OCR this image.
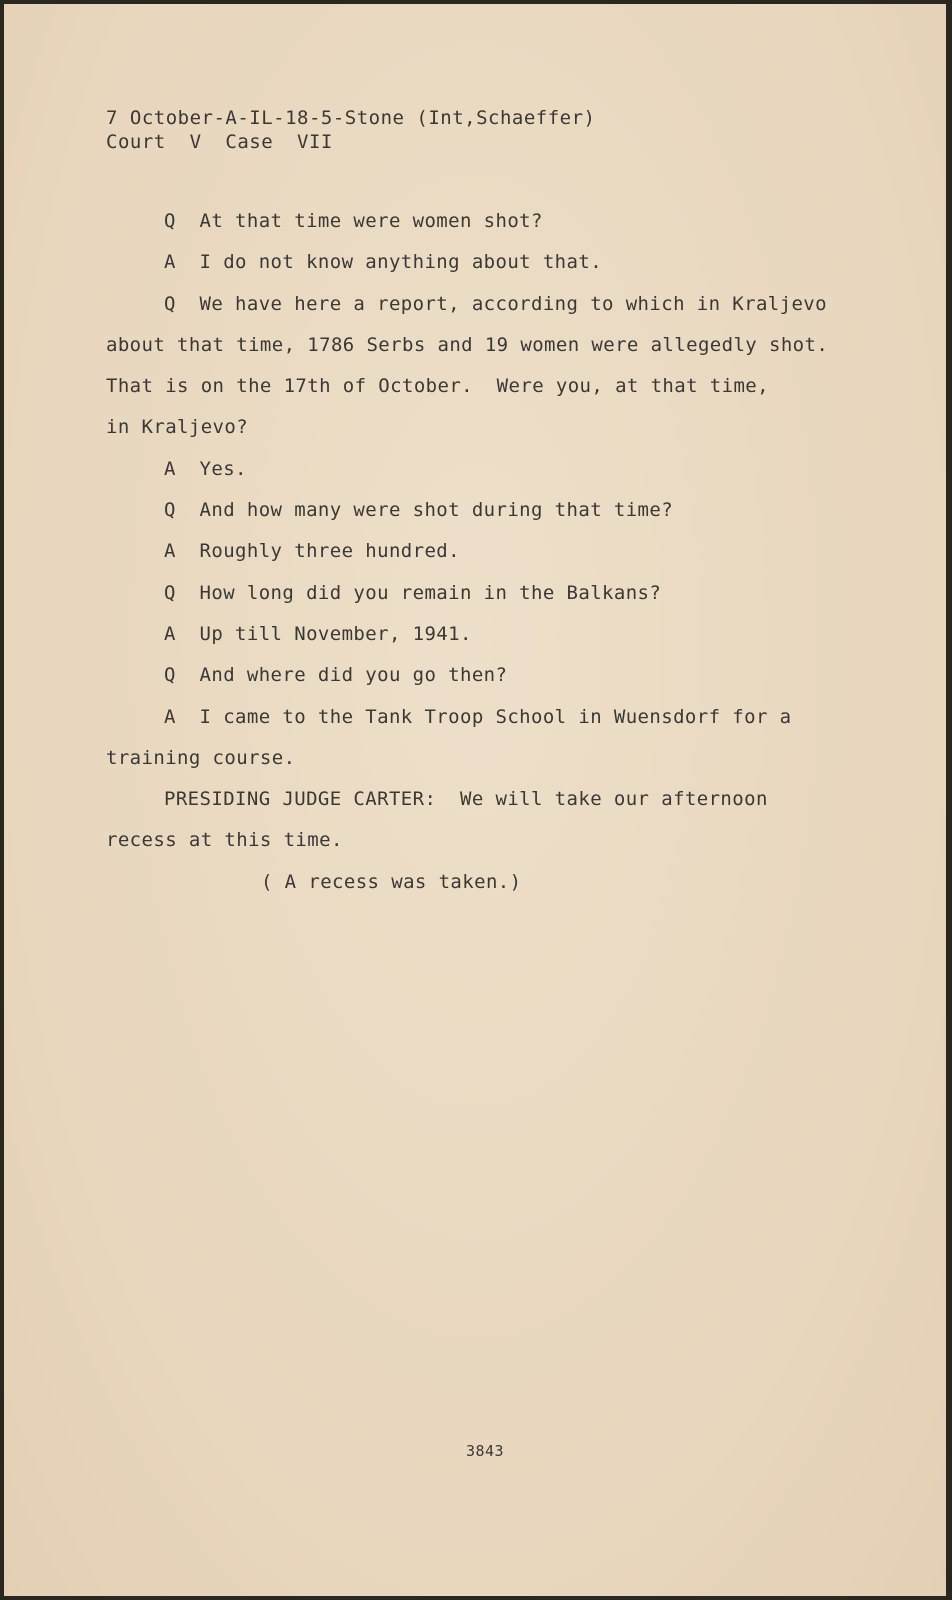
7 October-A-IL-18-5-Stone (Int,Schaeffer)
Court  V  Case  VII
Q  At that time were women shot?
A  I do not know anything about that.
Q  We have here a report, according to which in Kraljevo
about that time, 1786 Serbs and 19 women were allegedly shot.
That is on the 17th of October.  Were you, at that time,
in Kraljevo?
A  Yes.
Q  And how many were shot during that time?
A  Roughly three hundred.
Q  How long did you remain in the Balkans?
A  Up till November, 1941.
Q  And where did you go then?
A  I came to the Tank Troop School in Wuensdorf for a
training course.
PRESIDING JUDGE CARTER:  We will take our afternoon
recess at this time.
( A recess was taken.)
3843
